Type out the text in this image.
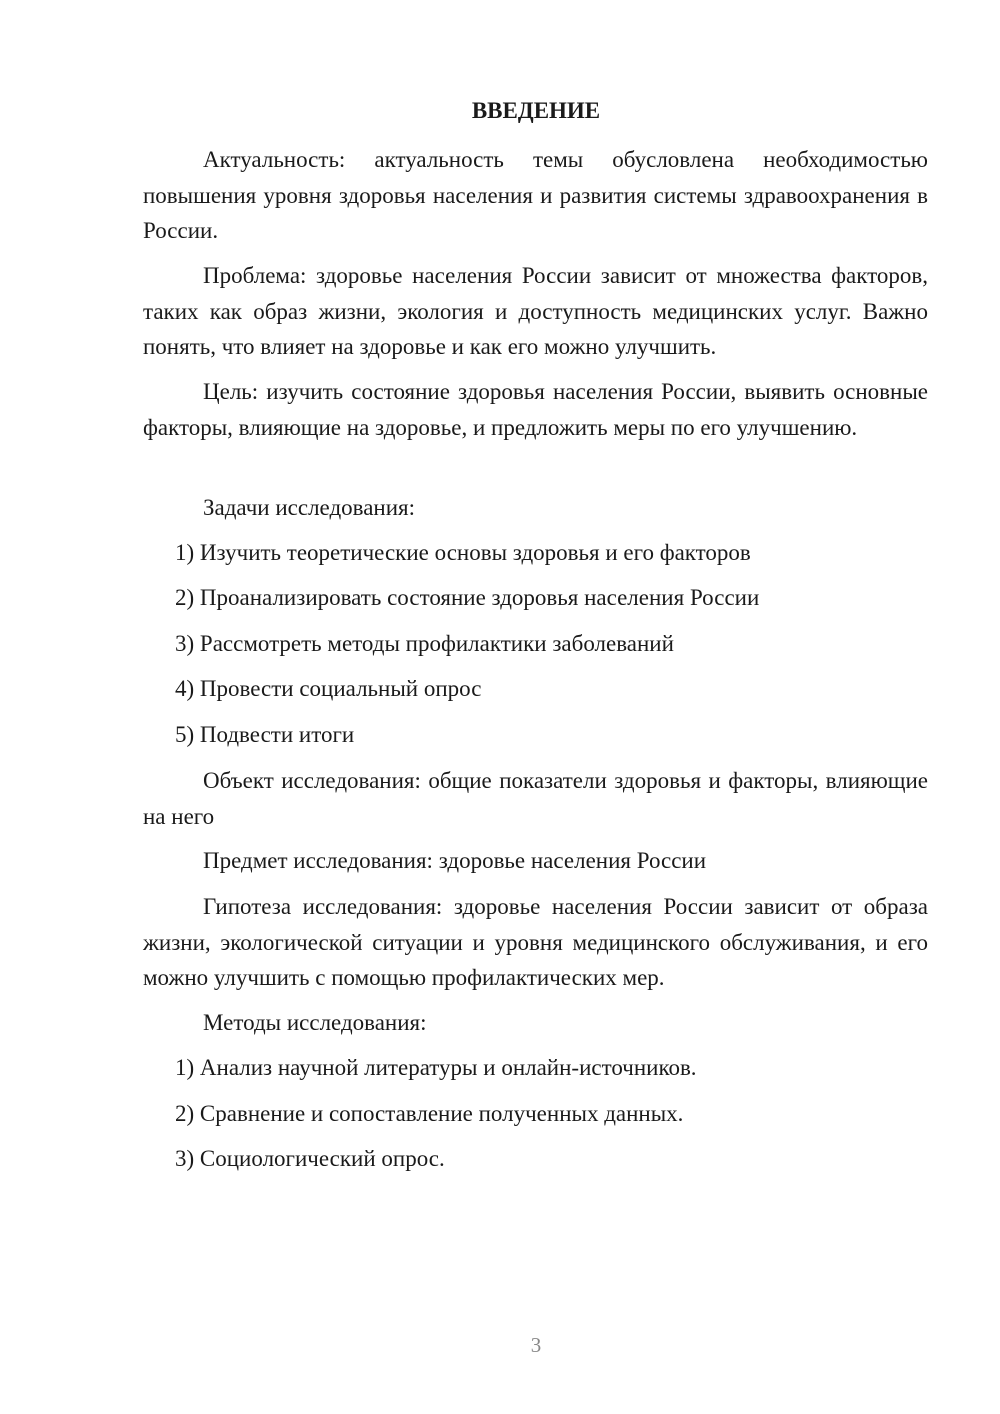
ВВЕДЕНИЕ

Актуальность: актуальность темы обусловлена необходимостью повышения уровня здоровья населения и развития системы здравоохранения в России.

Проблема: здоровье населения России зависит от множества факторов, таких как образ жизни, экология и доступность медицинских услуг. Важно понять, что влияет на здоровье и как его можно улучшить.

Цель: изучить состояние здоровья населения России, выявить основные факторы, влияющие на здоровье, и предложить меры по его улучшению.

Задачи исследования:

1) Изучить теоретические основы здоровья и его факторов

2) Проанализировать состояние здоровья населения России

3) Рассмотреть методы профилактики заболеваний

4) Провести социальный опрос

5) Подвести итоги

Объект исследования: общие показатели здоровья и факторы, влияющие на него

Предмет исследования: здоровье населения России

Гипотеза исследования: здоровье населения России зависит от образа жизни, экологической ситуации и уровня медицинского обслуживания, и его можно улучшить с помощью профилактических мер.

Методы исследования:

1) Анализ научной литературы и онлайн-источников.

2) Сравнение и сопоставление полученных данных.

3) Социологический опрос.

3
